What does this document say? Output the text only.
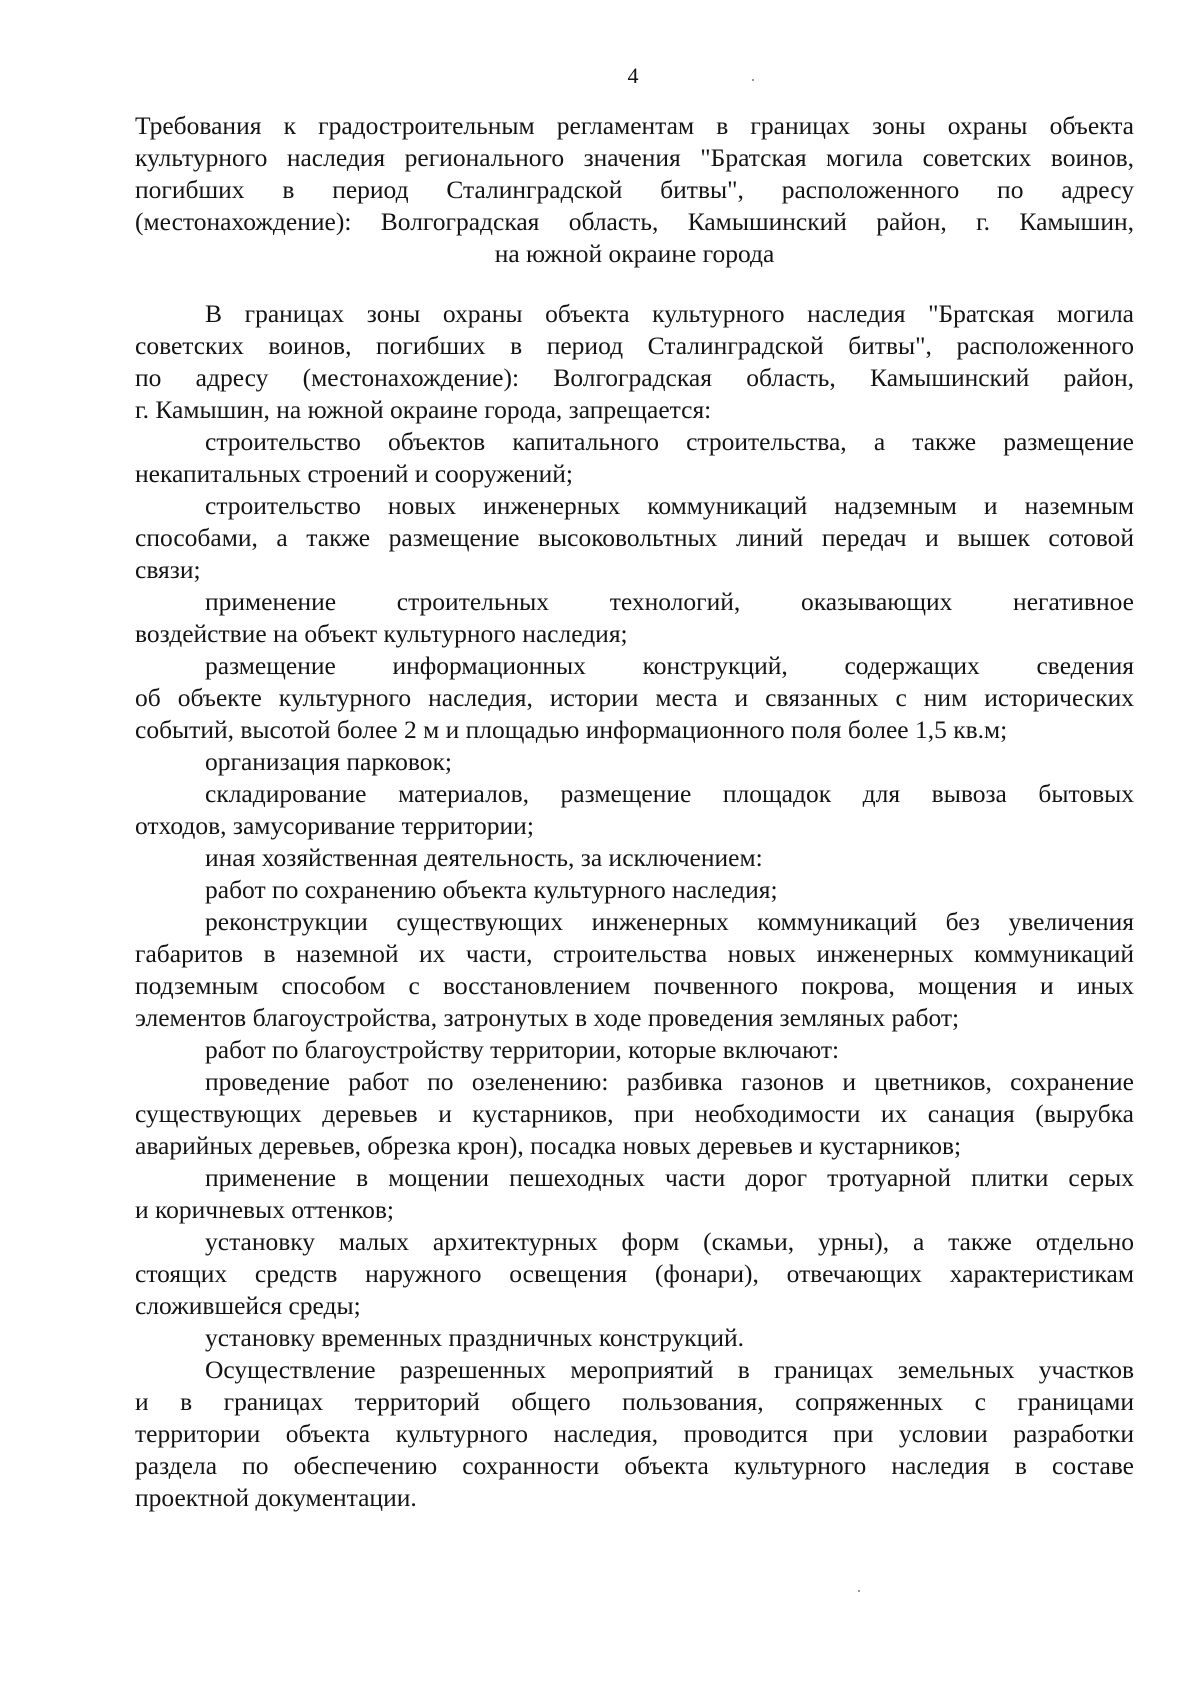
4
Требования к градостроительным регламентам в границах зоны охраны объекта
культурного наследия регионального значения "Братская могила советских воинов,
погибших в период Сталинградской битвы", расположенного по адресу
(местонахождение): Волгоградская область, Камышинский район, г. Камышин,
на южной окраине города
В границах зоны охраны объекта культурного наследия "Братская могила
советских воинов, погибших в период Сталинградской битвы", расположенного
по адресу (местонахождение): Волгоградская область, Камышинский район,
г. Камышин, на южной окраине города, запрещается:
строительство объектов капитального строительства, а также размещение
некапитальных строений и сооружений;
строительство новых инженерных коммуникаций надземным и наземным
способами, а также размещение высоковольтных линий передач и вышек сотовой
связи;
применение строительных технологий, оказывающих негативное
воздействие на объект культурного наследия;
размещение информационных конструкций, содержащих сведения
об объекте культурного наследия, истории места и связанных с ним исторических
событий, высотой более 2 м и площадью информационного поля более 1,5 кв.м;
организация парковок;
складирование материалов, размещение площадок для вывоза бытовых
отходов, замусоривание территории;
иная хозяйственная деятельность, за исключением:
работ по сохранению объекта культурного наследия;
реконструкции существующих инженерных коммуникаций без увеличения
габаритов в наземной их части, строительства новых инженерных коммуникаций
подземным способом с восстановлением почвенного покрова, мощения и иных
элементов благоустройства, затронутых в ходе проведения земляных работ;
работ по благоустройству территории, которые включают:
проведение работ по озеленению: разбивка газонов и цветников, сохранение
существующих деревьев и кустарников, при необходимости их санация (вырубка
аварийных деревьев, обрезка крон), посадка новых деревьев и кустарников;
применение в мощении пешеходных части дорог тротуарной плитки серых
и коричневых оттенков;
установку малых архитектурных форм (скамьи, урны), а также отдельно
стоящих средств наружного освещения (фонари), отвечающих характеристикам
сложившейся среды;
установку временных праздничных конструкций.
Осуществление разрешенных мероприятий в границах земельных участков
и в границах территорий общего пользования, сопряженных с границами
территории объекта культурного наследия, проводится при условии разработки
раздела по обеспечению сохранности объекта культурного наследия в составе
проектной документации.
